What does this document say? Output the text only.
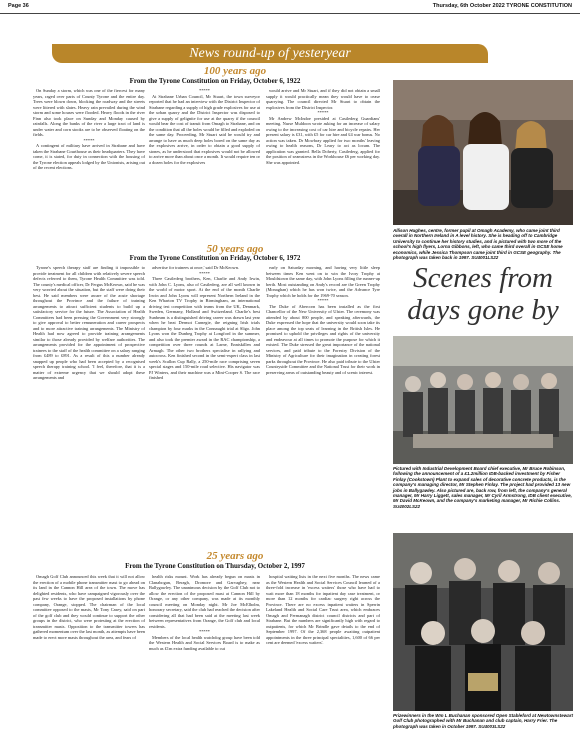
Page 36	Thursday, 6th October 2022 TYRONE CONSTITUTION
News round-up of yesteryear
100 years ago
From the Tyrone Constitution on Friday, October 6, 1922

On Sunday a storm, which was one of the fiercest for many years, raged over parts of County Tyrone and the entire day. Trees were blown down, blocking the roadway and the streets were littered with slates. Heavy rain prevailed during the wind storm and some houses were flooded. Heavy floods in the river Finn also took place on Sunday and Monday caused by rainfalls. Along the banks of the river a large tract of land is under water and corn stooks are to be observed floating on the fields.

*****

A contingent of military have arrived in Strabane and have taken the Strabane Courthouse as their headquarters. They have come, it is stated, for duty in connection with the housing of the Tyrone election appeals lodged by the Unionists, arising out of the recent elections.

*****

At Strabane Urban Council, Mr Stuart, the town surveyor reported that he had an interview with the District Inspector of Strabane regarding a supply of high grade explosives for use at the urban quarry and the District Inspector was disposed to give a supply of gelignite for use at the quarry if the council would bear the cost of transit from Omagh to Strabane, and on the condition that all the holes would be filled and exploded on the same day. Proceeding, Mr Stuart said he would try and arrange to have as much deep holes bored on the same day as the explosives arrive, in order to obtain a good supply of stones, as he understood that explosives would not be allowed to arrive more than about once a month. It would require ten or a dozen holes for the explosives

would arrive and Mr Stuart, and if they did not obtain a small supply it would practically mean they would have to cease quarrying. The council directed Mr Stuart to obtain the explosives from the District Inspector.

*****

Mr Andrew McIndoe presided at Castlederg Guardians' meeting. Nurse Muldoon wrote asking for an increase of salary owing to the increasing cost of car hire and bicycle repairs. Her present salary is £31, with £5 for car hire and £4 war bonus. No action was taken. Dr Mowbray applied for two months' leaving owing to health reasons, Dr Leary to act as locum. The application was granted. Bella Doherty, Castlederg, applied for the position of seamstress in the Workhouse £6 per working day. She was appointed.

Allison Hughes, centre, former pupil at Omagh Academy, who came joint third overall in Northern Ireland in A level history. She is heading off to Cambridge University to continue her history studies, and is pictured with two more of the school's high flyers, Lorna Gibbons, left, who came third overall in GCSE home economics, while Jessica Thompson came joint third in GCSE geography. The photograph was taken back in 1997. SU4001LS22
Scenes from days gone by
50 years ago
From the Tyrone Constitution on Friday, October 6, 1972

Tyrone's speech therapy staff are finding it impossible to provide treatment for all children with relatively severe speech defects referred to them, Tyrone Health Committee was told. The county's medical officer, Dr Fergus McKeown, said he was very worried about the situation, but the staff were doing their best. He said members were aware of the acute shortage throughout the Province and the failure of training arrangements to attract sufficient students to build up a satisfactory service for the future. The Association of Health Committees had been pressing the Government very strongly to give approval to better remuneration and career prospects and to more attractive training arrangements. The Ministry of Health had now agreed to provide training arrangements similar to those already provided by welfare authorities. The arrangements provided for the appointment of prospective trainees to the staff of the health committee on a salary ranging from £489 to £891. As a result of this a number already snapped up people who had been accepted by a recognised speech therapy training school. 'I feel, therefore, that it is a matter of extreme urgency that we should adopt these arrangements and

advertise for trainees at once,' said Dr McKeown.

*****

Three Castlederg brothers, Ken, Charlie and Andy Irwin, with John C. Lyons, also of Castlederg, are all well known in the world of motor sport. At the end of the month Charlie Irwin and John Lyons will represent Northern Ireland in the Ken Wharton TV Trophy in Birmingham, an international driving test competition with teams from the UK, Denmark, Sweden, Germany, Holland and Switzerland. Charlie's best Sunbeam is a distinguished driving career was drawn last year when he beat Dermot Carnegie, the reigning Irish trials champion by four marks in the Connaught trial at Sligo. John Lyons won the Dunbeg Trophy at Longford in the summer, and also took the premier award in the RAC championship, a competition over three rounds at Larne, Enniskillen and Armagh. The other two brothers specialise in rallying and autocross. Ken finished second in the semi-expert class in last week's Scallon Cup Rally, a 250-mile race comprising seven special stages and 150-mile road selective. His navigator was PJ Winters, and their machine was a Mini-Cooper S. The race finished

early on Saturday morning, and having very little sleep between times Ken went on to win the Ivory Trophy at Mouldstown the same day, with John Lyons filling the runner-up berth. Most outstanding on Andy's record are the Green Trophy (Monaghan) which he has won twice, and the Advance Tyre Trophy which he holds for the 1969-70 season.

*****

The Duke of Abercorn has been installed as the first Chancellor of the New University of Ulster. The ceremony was attended by about 800 people, and speaking afterwards, the Duke expressed the hope that the university would soon take its place among the top seats of learning in the British Isles. He promised to uphold the privileges and rights of the university and endeavour at all times to promote the purpose for which it existed. The Duke stressed the great importance of the national services, and paid tribute to the Forestry Division of the Ministry of Agriculture for their imagination in creating forest parks throughout the Province. He also paid tribute to the Ulster Countryside Committee and the National Trust for their work in preserving areas of outstanding beauty and of scenic interest.

Pictured with Industrial Development Board chief executive, Mr Bruce Robinson, following the announcement of a £1.2million IDB-backed investment by Fisher Finlay (Cookstown) Plant to expand sales of decorative concrete products, is the company's managing director, Mr Stephen Finlay. The project had provided 13 new jobs in Ballygawley. Also pictured are, back row, from left, the company's general manager, Mr Harry Liggett, sales manager, Mr Cyril Armstrong, IDB client executive, Mr David McKeown, and the company's marketing manager, Mr Richie Collins. SU4002LS22
25 years ago
From the Tyrone Constitution on Thursday, October 2, 1997

Omagh Golf Club announced this week that it will not allow the erection of a mobile phone transmitter mast to go ahead on its land in the Cannon Hill area of the town. The move has delighted residents, who have campaigned vigorously over the past few weeks to have the proposed installations by phone company, Orange, stopped. The chairman of the local committee opposed to the masts, Mr Tony Casey, said on part of the golf club and they would continue to support the other groups in the district, who were protesting at the erection of transmitter masts. Opposition to the transmitter towers has gathered momentum over the last month, as attempts have been made to erect more masts throughout the area, and fears of

health risks mount. Work has already begun on masts in Clanabogan, Beragh, Dromore and Garvaghey, near Ballygawley. The unanimous decision by the Golf Club not to allow the erection of the proposed mast at Cannon Hill by Orange, or any other company, was made at its monthly council meeting on Monday night. Mr Joe McElholm, honorary secretary, said the club had reached the decision after considering all that had been said at the meeting last week between representatives from Orange, the Golf club and local residents.

*****

Members of the local health watchdog group have been told the Western Health and Social Services Board is to make as much as £1m extra funding available to cut

hospital waiting lists in the next five months. The news came as the Western Health and Social Services Council learned of a three-fold increase in 'excess waiters' those who have had to wait more than 18 months for inpatient day case treatment, or more than 12 months for cardiac surgery right across the Province. There are no excess inpatient waiters in Sperrin Lakeland Health and Social Care Trust area, which embraces Omagh and Fermanagh district council districts and part of Strabane. But the numbers are significantly high with regard to outpatients, for which Mr Brindle gave details to the end of September 1997. Of the 2,368 people awaiting outpatient appointments in the three principal specialities, 1,600 of 66 per cent are deemed 'excess waiters'.

Prizewinners in the Wm L Buchanan sponsored Open Stableford at Newtownstewart Golf Club photographed with Mr Buchanan and club captain, Harry Frier. The photograph was taken in October 1997. SU4003LS22
